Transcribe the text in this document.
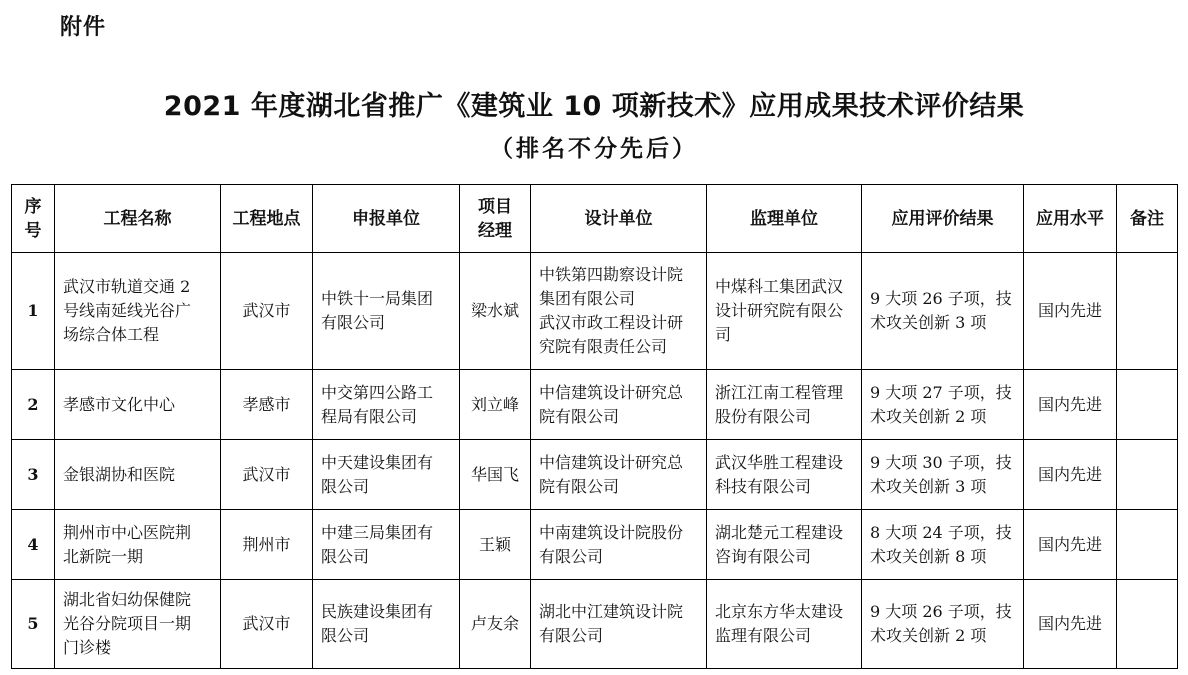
附件
2021 年度湖北省推广《建筑业 10 项新技术》应用成果技术评价结果
（排名不分先后）
序
号	工程名称	工程地点	申报单位	项目
经理	设计单位	监理单位	应用评价结果	应用水平	备注

1	武汉市轨道交通 2
号线南延线光谷广
场综合体工程	武汉市	中铁十一局集团
有限公司	梁水斌	中铁第四勘察设计院
集团有限公司
武汉市政工程设计研
究院有限责任公司	中煤科工集团武汉
设计研究院有限公
司	9 大项 26 子项，技
术攻关创新 3 项	国内先进	
2	孝感市文化中心	孝感市	中交第四公路工
程局有限公司	刘立峰	中信建筑设计研究总
院有限公司	浙江江南工程管理
股份有限公司	9 大项 27 子项，技
术攻关创新 2 项	国内先进	
3	金银湖协和医院	武汉市	中天建设集团有
限公司	华国飞	中信建筑设计研究总
院有限公司	武汉华胜工程建设
科技有限公司	9 大项 30 子项，技
术攻关创新 3 项	国内先进	
4	荆州市中心医院荆
北新院一期	荆州市	中建三局集团有
限公司	王颖	中南建筑设计院股份
有限公司	湖北楚元工程建设
咨询有限公司	8 大项 24 子项，技
术攻关创新 8 项	国内先进	
5	湖北省妇幼保健院
光谷分院项目一期
门诊楼	武汉市	民族建设集团有
限公司	卢友余	湖北中江建筑设计院
有限公司	北京东方华太建设
监理有限公司	9 大项 26 子项，技
术攻关创新 2 项	国内先进	
